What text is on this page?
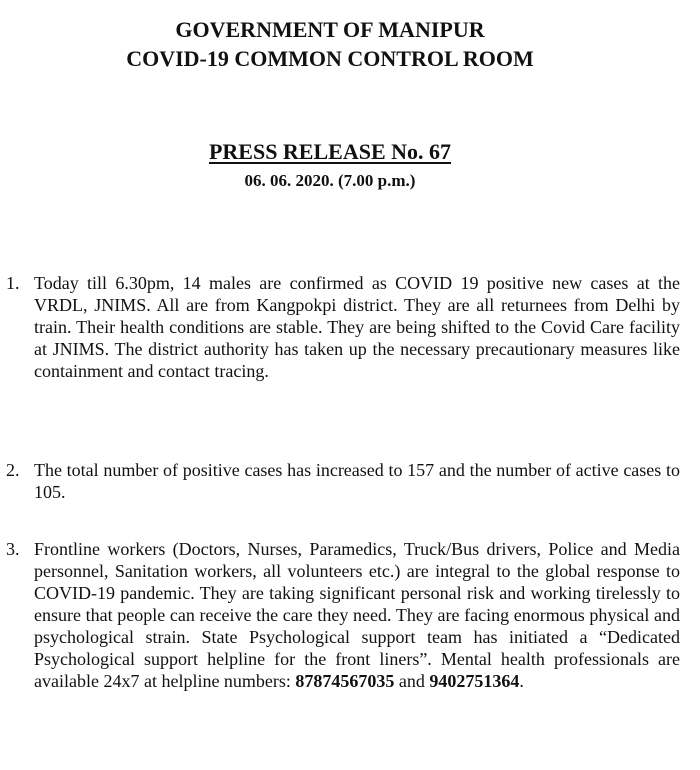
GOVERNMENT OF MANIPUR
COVID-19 COMMON CONTROL ROOM
PRESS RELEASE No. 67
06. 06. 2020. (7.00 p.m.)
1. Today till 6.30pm, 14 males are confirmed as COVID 19 positive new cases at the VRDL, JNIMS. All are from Kangpokpi district. They are all returnees from Delhi by train. Their health conditions are stable. They are being shifted to the Covid Care facility at JNIMS. The district authority has taken up the necessary precautionary measures like containment and contact tracing.
2. The total number of positive cases has increased to 157 and the number of active cases to 105.
3. Frontline workers (Doctors, Nurses, Paramedics, Truck/Bus drivers, Police and Media personnel, Sanitation workers, all volunteers etc.) are integral to the global response to COVID-19 pandemic. They are taking significant personal risk and working tirelessly to ensure that people can receive the care they need. They are facing enormous physical and psychological strain. State Psychological support team has initiated a “Dedicated Psychological support helpline for the front liners”. Mental health professionals are available 24x7 at helpline numbers: 87874567035 and 9402751364.
